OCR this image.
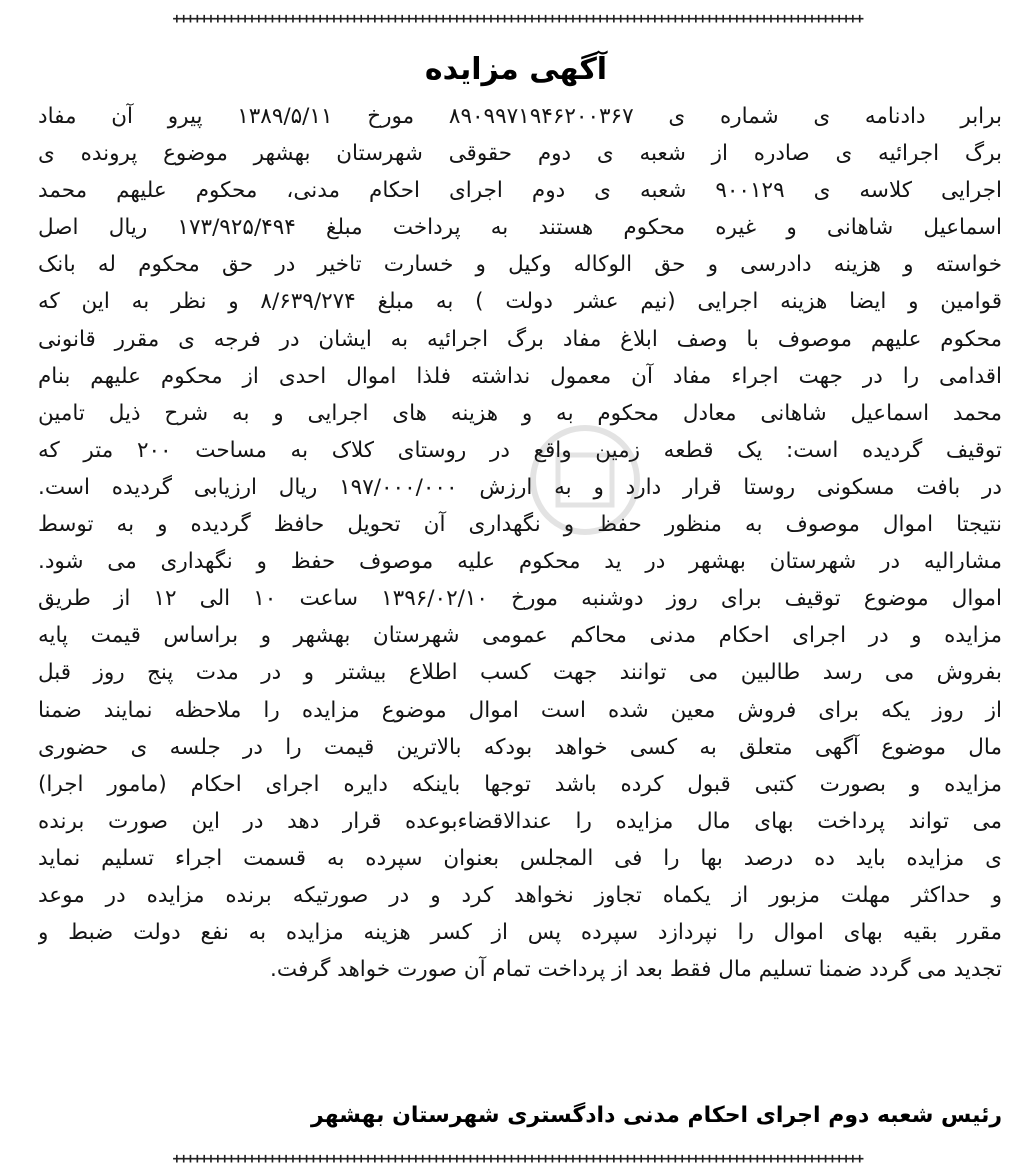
+++++++++++++++++++++++++++++++++++++++++++++++++++++++++++++++++++++++++++++++++++++++++++++++++++++
آگهی مزایده
برابر دادنامه ی شماره ی ۸۹۰۹۹۷۱۹۴۶۲۰۰۳۶۷ مورخ ۱۳۸۹/۵/۱۱ پیرو آن مفاد
برگ اجرائیه ی صادره از شعبه ی دوم حقوقی شهرستان بهشهر موضوع پرونده ی
اجرایی کلاسه ی ۹۰۰۱۲۹ شعبه ی دوم اجرای احکام مدنی، محکوم علیهم محمد
اسماعیل شاهانی و غیره محکوم هستند به پرداخت مبلغ ۱۷۳/۹۲۵/۴۹۴ ریال اصل
خواسته و هزینه دادرسی و حق الوکاله وکیل و خسارت تاخیر در حق محکوم له بانک
قوامین و ایضا هزینه اجرایی (نیم عشر دولت ) به مبلغ ۸/۶۳۹/۲۷۴ و نظر به این که
محکوم علیهم موصوف با وصف ابلاغ مفاد برگ اجرائیه به ایشان در فرجه ی مقرر قانونی
اقدامی را در جهت اجراء مفاد آن معمول نداشته فلذا اموال احدی از محکوم علیهم بنام
محمد اسماعیل شاهانی معادل محکوم به و هزینه های اجرایی و به شرح ذیل تامین
توقیف گردیده است: یک قطعه زمین واقع در روستای کلاک به مساحت ۲۰۰ متر که
در بافت مسکونی روستا قرار دارد و به ارزش ۱۹۷/۰۰۰/۰۰۰ ریال ارزیابی گردیده است.
نتیجتا اموال موصوف به منظور حفظ و نگهداری آن تحویل حافظ گردیده و به توسط
مشارالیه در شهرستان بهشهر در ید محکوم علیه موصوف حفظ و نگهداری می شود.
اموال موضوع توقیف برای روز دوشنبه مورخ ۱۳۹۶/۰۲/۱۰ ساعت ۱۰ الی ۱۲ از طریق
مزایده و در اجرای احکام مدنی محاکم عمومی شهرستان بهشهر و براساس قیمت پایه
بفروش می رسد طالبین می توانند جهت کسب اطلاع بیشتر و در مدت پنج روز قبل
از روز یکه برای فروش معین شده است اموال موضوع مزایده را ملاحظه نمایند ضمنا
مال موضوع آگهی متعلق به کسی خواهد بودکه بالاترین قیمت را در جلسه ی حضوری
مزایده و بصورت کتبی قبول کرده باشد توجها باینکه دایره اجرای احکام (مامور اجرا)
می تواند پرداخت بهای مال مزایده را عندالاقضاءبوعده قرار دهد در این صورت برنده
ی مزایده باید ده درصد بها را فی المجلس بعنوان سپرده به قسمت اجراء تسلیم نماید
و حداکثر مهلت مزبور از یکماه تجاوز نخواهد کرد و در صورتیکه برنده مزایده در موعد
مقرر بقیه بهای اموال را نپردازد سپرده پس از کسر هزینه مزایده به نفع دولت ضبط و
تجدید می گردد ضمنا تسلیم مال فقط بعد از پرداخت تمام آن صورت خواهد گرفت.
رئیس شعبه دوم اجرای احکام مدنی دادگستری شهرستان بهشهر
+++++++++++++++++++++++++++++++++++++++++++++++++++++++++++++++++++++++++++++++++++++++++++++++++++++
